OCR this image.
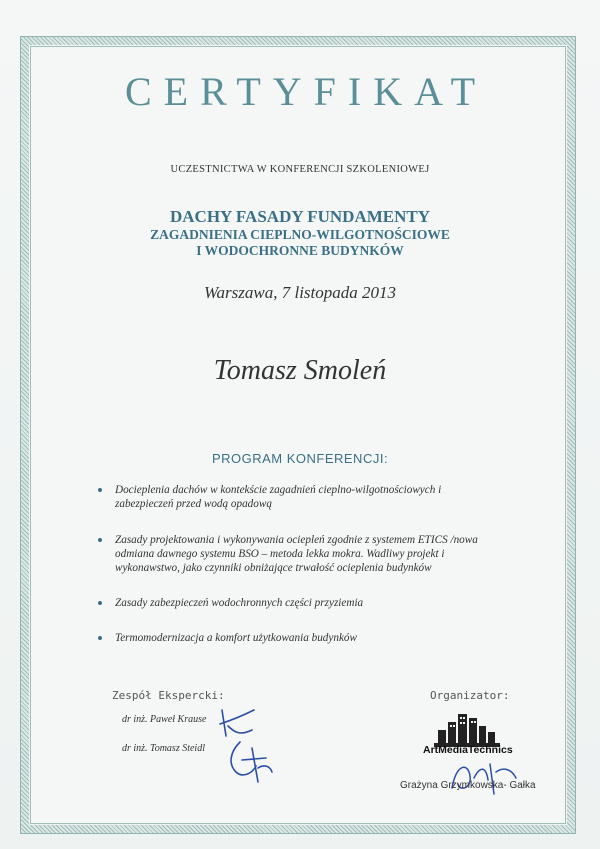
CERTYFIKAT
UCZESTNICTWA W KONFERENCJI SZKOLENIOWEJ
DACHY FASADY FUNDAMENTY
ZAGADNIENIA CIEPLNO-WILGOTNOŚCIOWE
I WODOCHRONNE BUDYNKÓW
Warszawa, 7 listopada 2013
Tomasz Smoleń
PROGRAM KONFERENCJI:
Docieplenia dachów w kontekście zagadnień cieplno-wilgotnościowych i zabezpieczeń przed wodą opadową
Zasady projektowania i wykonywania ociepleń zgodnie z systemem ETICS /nowa odmiana dawnego systemu BSO – metoda lekka mokra. Wadliwy projekt i wykonawstwo, jako czynniki obniżające trwałość ocieplenia budynków
Zasady zabezpieczeń wodochronnych części przyziemia
Termomodernizacja a komfort użytkowania budynków
Zespół Ekspercki:
dr inż. Paweł Krause
dr inż. Tomasz Steidl
Organizator:
ArtMediaTechnics
Grażyna Grzymkowska- Gałka
